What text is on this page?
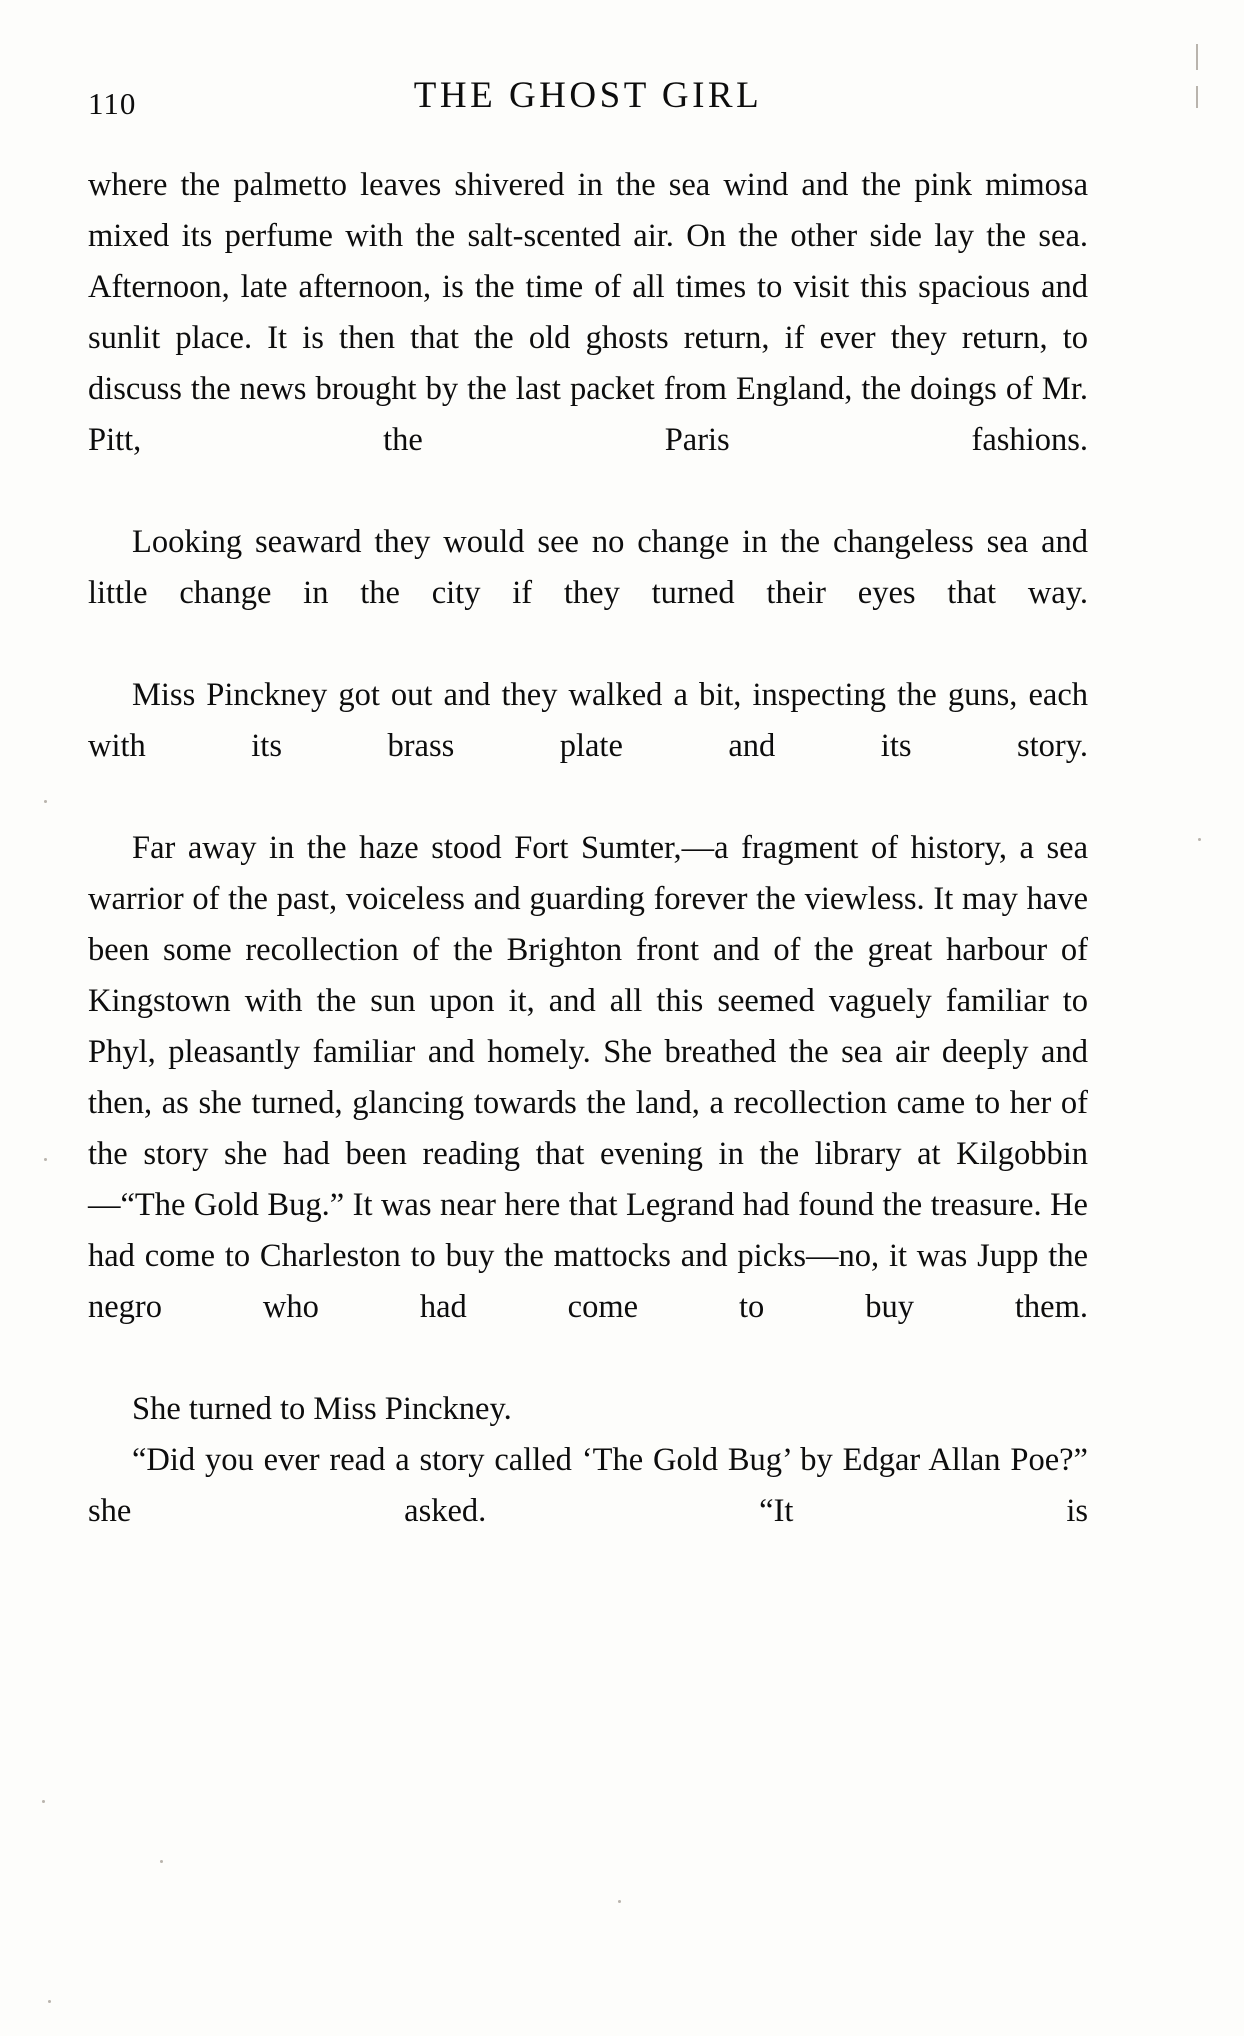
110	THE GHOST GIRL

where the palmetto leaves shivered in the sea wind and the pink mimosa mixed its perfume with the salt-scented air. On the other side lay the sea. Afternoon, late afternoon, is the time of all times to visit this spacious and sunlit place. It is then that the old ghosts return, if ever they return, to discuss the news brought by the last packet from England, the doings of Mr. Pitt, the Paris fashions.

Looking seaward they would see no change in the changeless sea and little change in the city if they turned their eyes that way.

Miss Pinckney got out and they walked a bit, inspecting the guns, each with its brass plate and its story.

Far away in the haze stood Fort Sumter,—a fragment of history, a sea warrior of the past, voiceless and guarding forever the viewless. It may have been some recollection of the Brighton front and of the great harbour of Kingstown with the sun upon it, and all this seemed vaguely familiar to Phyl, pleasantly familiar and homely. She breathed the sea air deeply and then, as she turned, glancing towards the land, a recollection came to her of the story she had been reading that evening in the library at Kilgobbin—“The Gold Bug.” It was near here that Legrand had found the treasure. He had come to Charleston to buy the mattocks and picks—no, it was Jupp the negro who had come to buy them.

She turned to Miss Pinckney.

“Did you ever read a story called ‘The Gold Bug’ by Edgar Allan Poe?” she asked. “It is
